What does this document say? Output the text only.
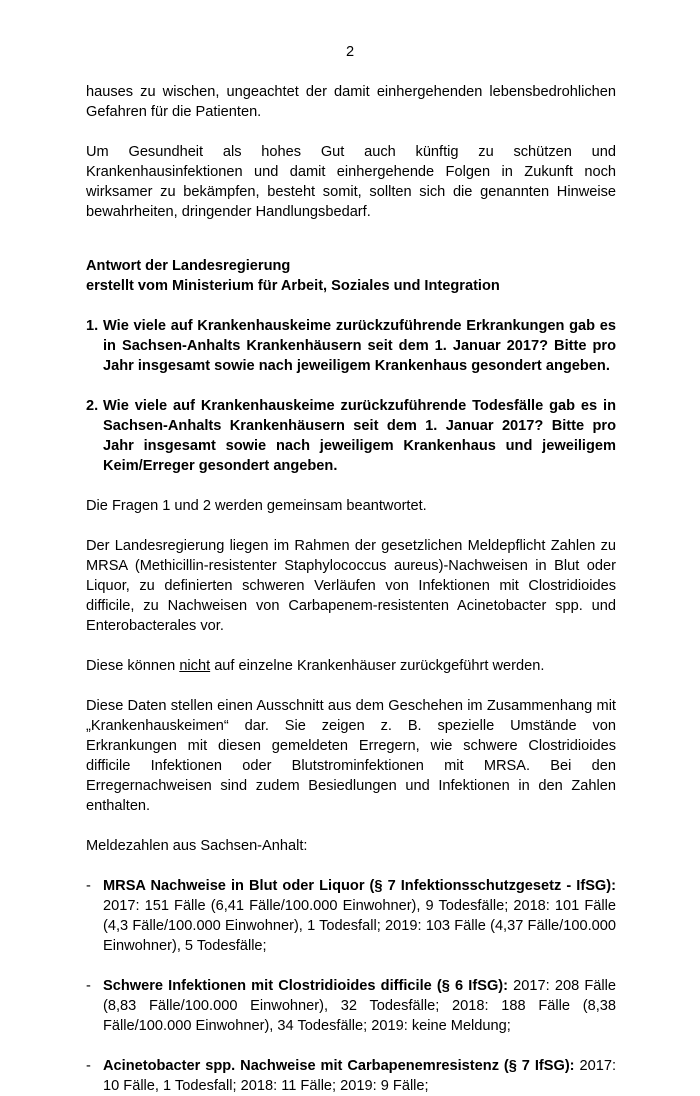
2

hauses zu wischen, ungeachtet der damit einhergehenden lebensbedrohlichen Gefahren für die Patienten.

Um Gesundheit als hohes Gut auch künftig zu schützen und Krankenhausinfektionen und damit einhergehende Folgen in Zukunft noch wirksamer zu bekämpfen, besteht somit, sollten sich die genannten Hinweise bewahrheiten, dringender Handlungsbedarf.

Antwort der Landesregierung
erstellt vom Ministerium für Arbeit, Soziales und Integration
1. Wie viele auf Krankenhauskeime zurückzuführende Erkrankungen gab es in Sachsen-Anhalts Krankenhäusern seit dem 1. Januar 2017? Bitte pro Jahr insgesamt sowie nach jeweiligem Krankenhaus gesondert angeben.
2. Wie viele auf Krankenhauskeime zurückzuführende Todesfälle gab es in Sachsen-Anhalts Krankenhäusern seit dem 1. Januar 2017? Bitte pro Jahr insgesamt sowie nach jeweiligem Krankenhaus und jeweiligem Keim/Erreger gesondert angeben.

Die Fragen 1 und 2 werden gemeinsam beantwortet.

Der Landesregierung liegen im Rahmen der gesetzlichen Meldepflicht Zahlen zu MRSA (Methicillin-resistenter Staphylococcus aureus)-Nachweisen in Blut oder Liquor, zu definierten schweren Verläufen von Infektionen mit Clostridioides difficile, zu Nachweisen von Carbapenem-resistenten Acinetobacter spp. und Enterobacterales vor.

Diese können nicht auf einzelne Krankenhäuser zurückgeführt werden.

Diese Daten stellen einen Ausschnitt aus dem Geschehen im Zusammenhang mit „Krankenhauskeimen“ dar. Sie zeigen z. B. spezielle Umstände von Erkrankungen mit diesen gemeldeten Erregern, wie schwere Clostridioides difficile Infektionen oder Blutstrominfektionen mit MRSA. Bei den Erregernachweisen sind zudem Besiedlungen und Infektionen in den Zahlen enthalten.

Meldezahlen aus Sachsen-Anhalt:

- MRSA Nachweise in Blut oder Liquor (§ 7 Infektionsschutzgesetz - IfSG): 2017: 151 Fälle (6,41 Fälle/100.000 Einwohner), 9 Todesfälle; 2018: 101 Fälle (4,3 Fälle/100.000 Einwohner), 1 Todesfall; 2019: 103 Fälle (4,37 Fälle/100.000 Einwohner), 5 Todesfälle;
- Schwere Infektionen mit Clostridioides difficile (§ 6 IfSG): 2017: 208 Fälle (8,83 Fälle/100.000 Einwohner), 32 Todesfälle; 2018: 188 Fälle (8,38 Fälle/100.000 Einwohner), 34 Todesfälle; 2019: keine Meldung;
- Acinetobacter spp. Nachweise mit Carbapenemresistenz (§ 7 IfSG): 2017: 10 Fälle, 1 Todesfall; 2018: 11 Fälle; 2019: 9 Fälle;
